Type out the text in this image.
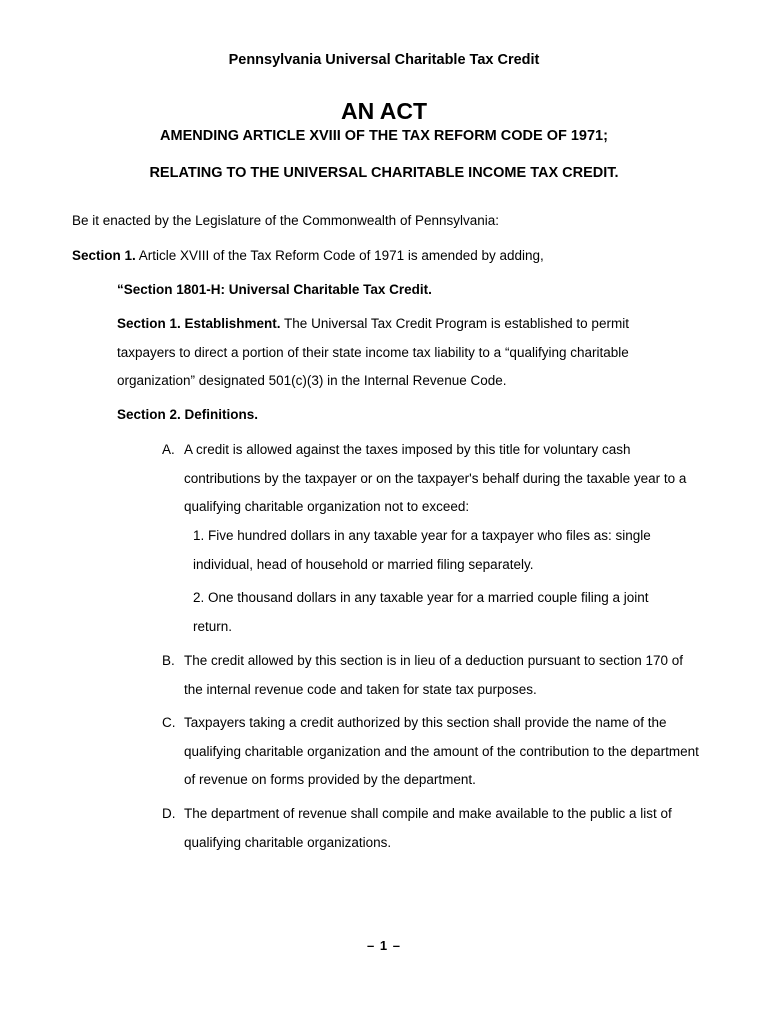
Pennsylvania Universal Charitable Tax Credit
AN ACT
AMENDING ARTICLE XVIII OF THE TAX REFORM CODE OF 1971;
RELATING TO THE UNIVERSAL CHARITABLE INCOME TAX CREDIT.
Be it enacted by the Legislature of the Commonwealth of Pennsylvania:
Section 1. Article XVIII of the Tax Reform Code of 1971 is amended by adding,
“Section 1801-H: Universal Charitable Tax Credit.
Section 1. Establishment. The Universal Tax Credit Program is established to permit taxpayers to direct a portion of their state income tax liability to a “qualifying charitable organization” designated 501(c)(3) in the Internal Revenue Code.
Section 2. Definitions.
A. A credit is allowed against the taxes imposed by this title for voluntary cash contributions by the taxpayer or on the taxpayer's behalf during the taxable year to a qualifying charitable organization not to exceed:
1. Five hundred dollars in any taxable year for a taxpayer who files as: single individual, head of household or married filing separately.
2. One thousand dollars in any taxable year for a married couple filing a joint return.
B. The credit allowed by this section is in lieu of a deduction pursuant to section 170 of the internal revenue code and taken for state tax purposes.
C. Taxpayers taking a credit authorized by this section shall provide the name of the qualifying charitable organization and the amount of the contribution to the department of revenue on forms provided by the department.
D. The department of revenue shall compile and make available to the public a list of qualifying charitable organizations.
– 1 –
